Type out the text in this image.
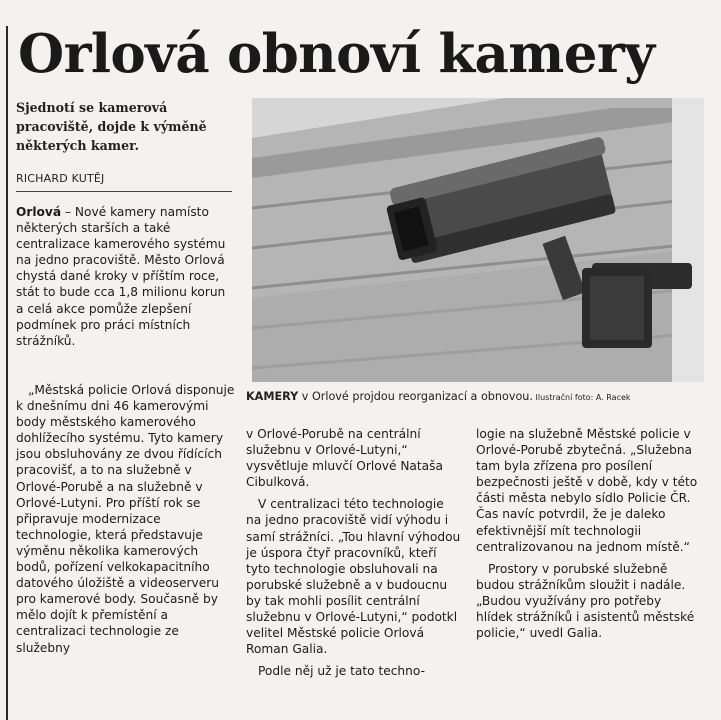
Orlová obnoví kamery
Sjednotí se kamerová pracoviště, dojde k výměně některých kamer.
RICHARD KUTĚJ

Orlová – Nové kamery namísto některých starších a také centralizace kamerového systému na jedno pracoviště. Město Orlová chystá dané kroky v příštím roce, stát to bude cca 1,8 milionu korun a celá akce pomůže zlepšení podmínek pro práci místních strážníků.

„Městská policie Orlová disponuje k dnešnímu dni 46 kamerovými body městského kamerového dohlížecího systému. Tyto kamery jsou obsluhovány ze dvou řídících pracovišť, a to na služebně v Orlové-Porubě a na služebně v Orlové-Lutyni. Pro příští rok se připravuje modernizace technologie, která představuje výměnu několika kamerových bodů, pořízení velkokapacitního datového úložiště a videoserveru pro kamerové body. Současně by mělo dojít k přemístění a centralizaci technologie ze služebny

KAMERY v Orlové projdou reorganizací a obnovou. Ilustrační foto: A. Racek

v Orlové-Porubě na centrální služebnu v Orlové-Lutyni,“ vysvětluje mluvčí Orlové Nataša Cibulková.

V centralizaci této technologie na jedno pracoviště vidí výhodu i samí strážníci. „Tou hlavní výhodou je úspora čtyř pracovníků, kteří tyto technologie obsluhovali na porubské služebně a v budoucnu by tak mohli posílit centrální služebnu v Orlové-Lutyni,“ podotkl velitel Městské policie Orlová Roman Galia.

Podle něj už je tato techno-

logie na služebně Městské policie v Orlové-Porubě zbytečná. „Služebna tam byla zřízena pro posílení bezpečnosti ještě v době, kdy v této části města nebylo sídlo Policie ČR. Čas navíc potvrdil, že je daleko efektivnější mít technologii centralizovanou na jednom místě.“

Prostory v porubské služebně budou strážníkům sloužit i nadále. „Budou využívány pro potřeby hlídek strážníků i asistentů městské policie,“ uvedl Galia.
